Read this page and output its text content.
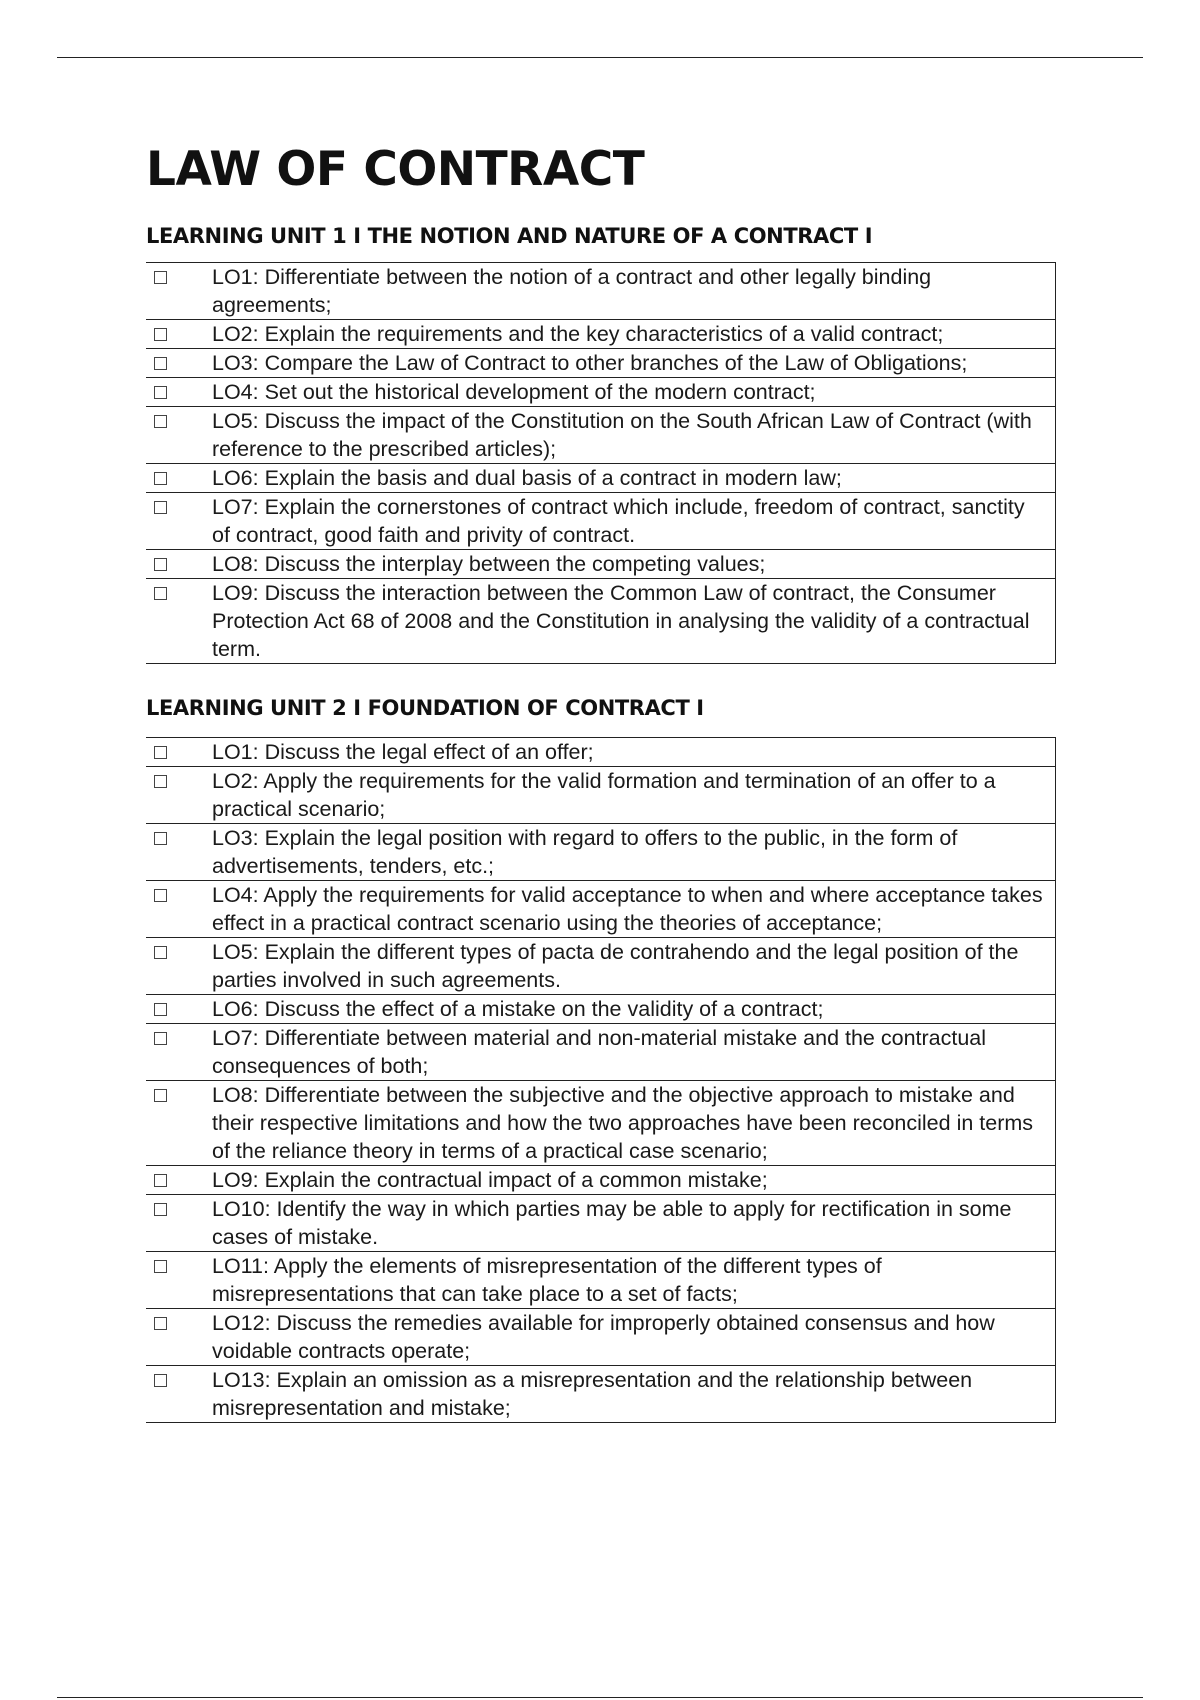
LAW OF CONTRACT
LEARNING UNIT 1 I THE NOTION AND NATURE OF A CONTRACT I
LO1: Differentiate between the notion of a contract and other legally binding agreements;

LO2: Explain the requirements and the key characteristics of a valid contract;

LO3: Compare the Law of Contract to other branches of the Law of Obligations;

LO4: Set out the historical development of the modern contract;

LO5: Discuss the impact of the Constitution on the South African Law of Contract (with reference to the prescribed articles);

LO6: Explain the basis and dual basis of a contract in modern law;

LO7: Explain the cornerstones of contract which include, freedom of contract, sanctity of contract, good faith and privity of contract.

LO8: Discuss the interplay between the competing values;

LO9: Discuss the interaction between the Common Law of contract, the Consumer Protection Act 68 of 2008 and the Constitution in analysing the validity of a contractual term.
LEARNING UNIT 2 I FOUNDATION OF CONTRACT I
LO1: Discuss the legal effect of an offer;

LO2: Apply the requirements for the valid formation and termination of an offer to a practical scenario;

LO3: Explain the legal position with regard to offers to the public, in the form of advertisements, tenders, etc.;

LO4: Apply the requirements for valid acceptance to when and where acceptance takes effect in a practical contract scenario using the theories of acceptance;

LO5: Explain the different types of pacta de contrahendo and the legal position of the parties involved in such agreements.

LO6: Discuss the effect of a mistake on the validity of a contract;

LO7: Differentiate between material and non-material mistake and the contractual consequences of both;

LO8: Differentiate between the subjective and the objective approach to mistake and their respective limitations and how the two approaches have been reconciled in terms of the reliance theory in terms of a practical case scenario;

LO9: Explain the contractual impact of a common mistake;

LO10: Identify the way in which parties may be able to apply for rectification in some cases of mistake.

LO11: Apply the elements of misrepresentation of the different types of misrepresentations that can take place to a set of facts;

LO12: Discuss the remedies available for improperly obtained consensus and how voidable contracts operate;

LO13: Explain an omission as a misrepresentation and the relationship between misrepresentation and mistake;
